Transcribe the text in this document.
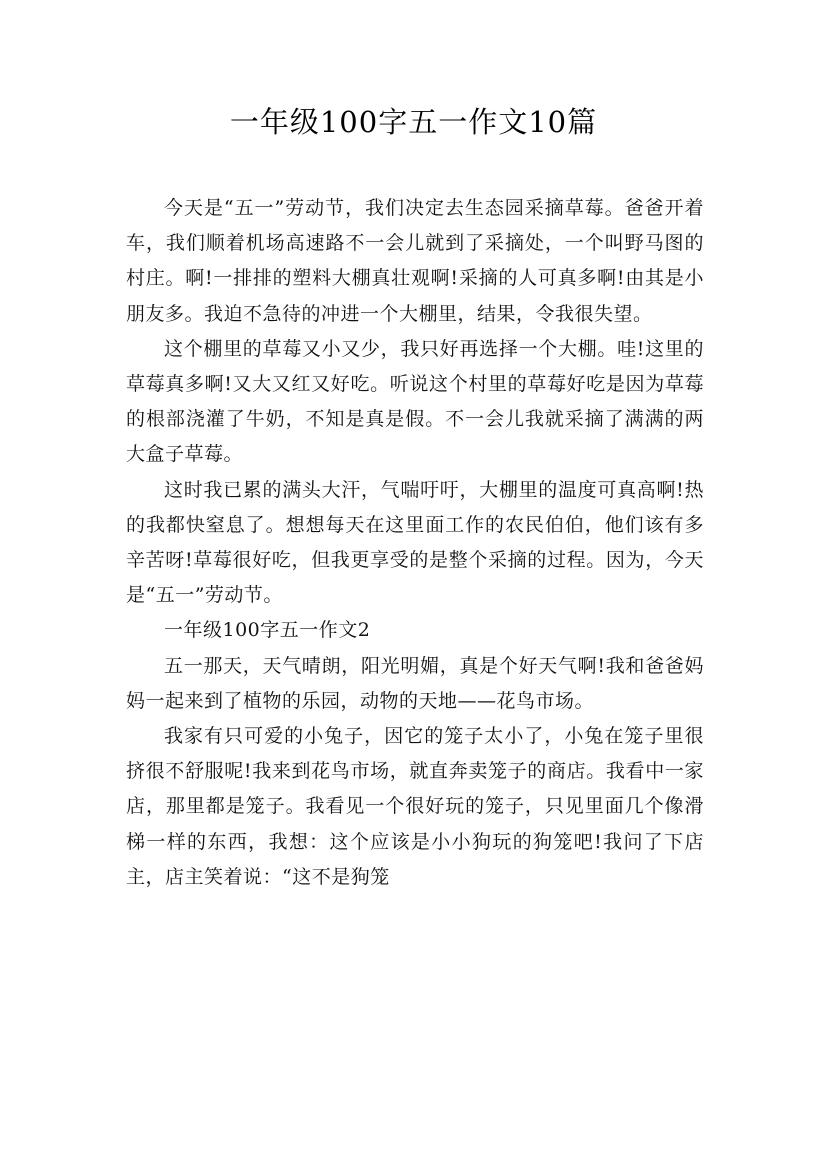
一年级100字五一作文10篇

今天是“五一”劳动节，我们决定去生态园采摘草莓。爸爸开着车，我们顺着机场高速路不一会儿就到了采摘处，一个叫野马图的村庄。啊!一排排的塑料大棚真壮观啊!采摘的人可真多啊!由其是小朋友多。我迫不急待的冲进一个大棚里，结果，令我很失望。

这个棚里的草莓又小又少，我只好再选择一个大棚。哇!这里的草莓真多啊!又大又红又好吃。听说这个村里的草莓好吃是因为草莓的根部浇灌了牛奶，不知是真是假。不一会儿我就采摘了满满的两大盒子草莓。

这时我已累的满头大汗，气喘吁吁，大棚里的温度可真高啊!热的我都快窒息了。想想每天在这里面工作的农民伯伯，他们该有多辛苦呀!草莓很好吃，但我更享受的是整个采摘的过程。因为，今天是“五一”劳动节。

一年级100字五一作文2

五一那天，天气晴朗，阳光明媚，真是个好天气啊!我和爸爸妈妈一起来到了植物的乐园，动物的天地——花鸟市场。

我家有只可爱的小兔子，因它的笼子太小了，小兔在笼子里很挤很不舒服呢!我来到花鸟市场，就直奔卖笼子的商店。我看中一家店，那里都是笼子。我看见一个很好玩的笼子，只见里面几个像滑梯一样的东西，我想：这个应该是小小狗玩的狗笼吧!我问了下店主，店主笑着说：“这不是狗笼
